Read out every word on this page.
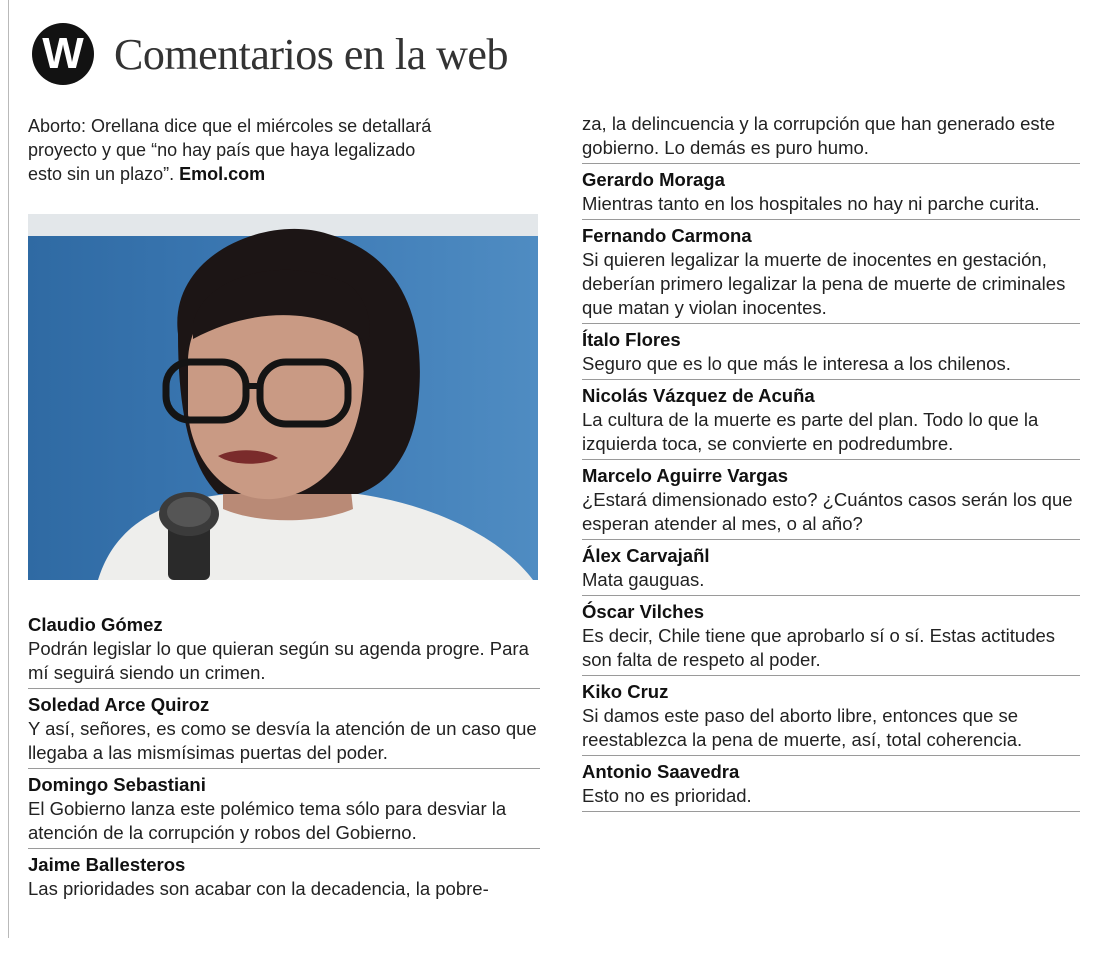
W Comentarios en la web
Aborto: Orellana dice que el miércoles se detallará proyecto y que “no hay país que haya legalizado esto sin un plazo”. Emol.com
Claudio Gómez
Podrán legislar lo que quieran según su agenda progre. Para mí seguirá siendo un crimen.
Soledad Arce Quiroz
Y así, señores, es como se desvía la atención de un caso que llegaba a las mismísimas puertas del poder.
Domingo Sebastiani
El Gobierno lanza este polémico tema sólo para desviar la atención de la corrupción y robos del Gobierno.
Jaime Ballesteros
Las prioridades son acabar con la decadencia, la pobre-
za, la delincuencia y la corrupción que han generado este gobierno. Lo demás es puro humo.
Gerardo Moraga
Mientras tanto en los hospitales no hay ni parche curita.
Fernando Carmona
Si quieren legalizar la muerte de inocentes en gestación, deberían primero legalizar la pena de muerte de criminales que matan y violan inocentes.
Ítalo Flores
Seguro que es lo que más le interesa a los chilenos.
Nicolás Vázquez de Acuña
La cultura de la muerte es parte del plan. Todo lo que la izquierda toca, se convierte en podredumbre.
Marcelo Aguirre Vargas
¿Estará dimensionado esto? ¿Cuántos casos serán los que esperan atender al mes, o al año?
Álex Carvajañl
Mata gauguas.
Óscar Vilches
Es decir, Chile tiene que aprobarlo sí o sí. Estas actitudes son falta de respeto al poder.
Kiko Cruz
Si damos este paso del aborto libre, entonces que se reestablezca la pena de muerte, así, total coherencia.
Antonio Saavedra
Esto no es prioridad.
